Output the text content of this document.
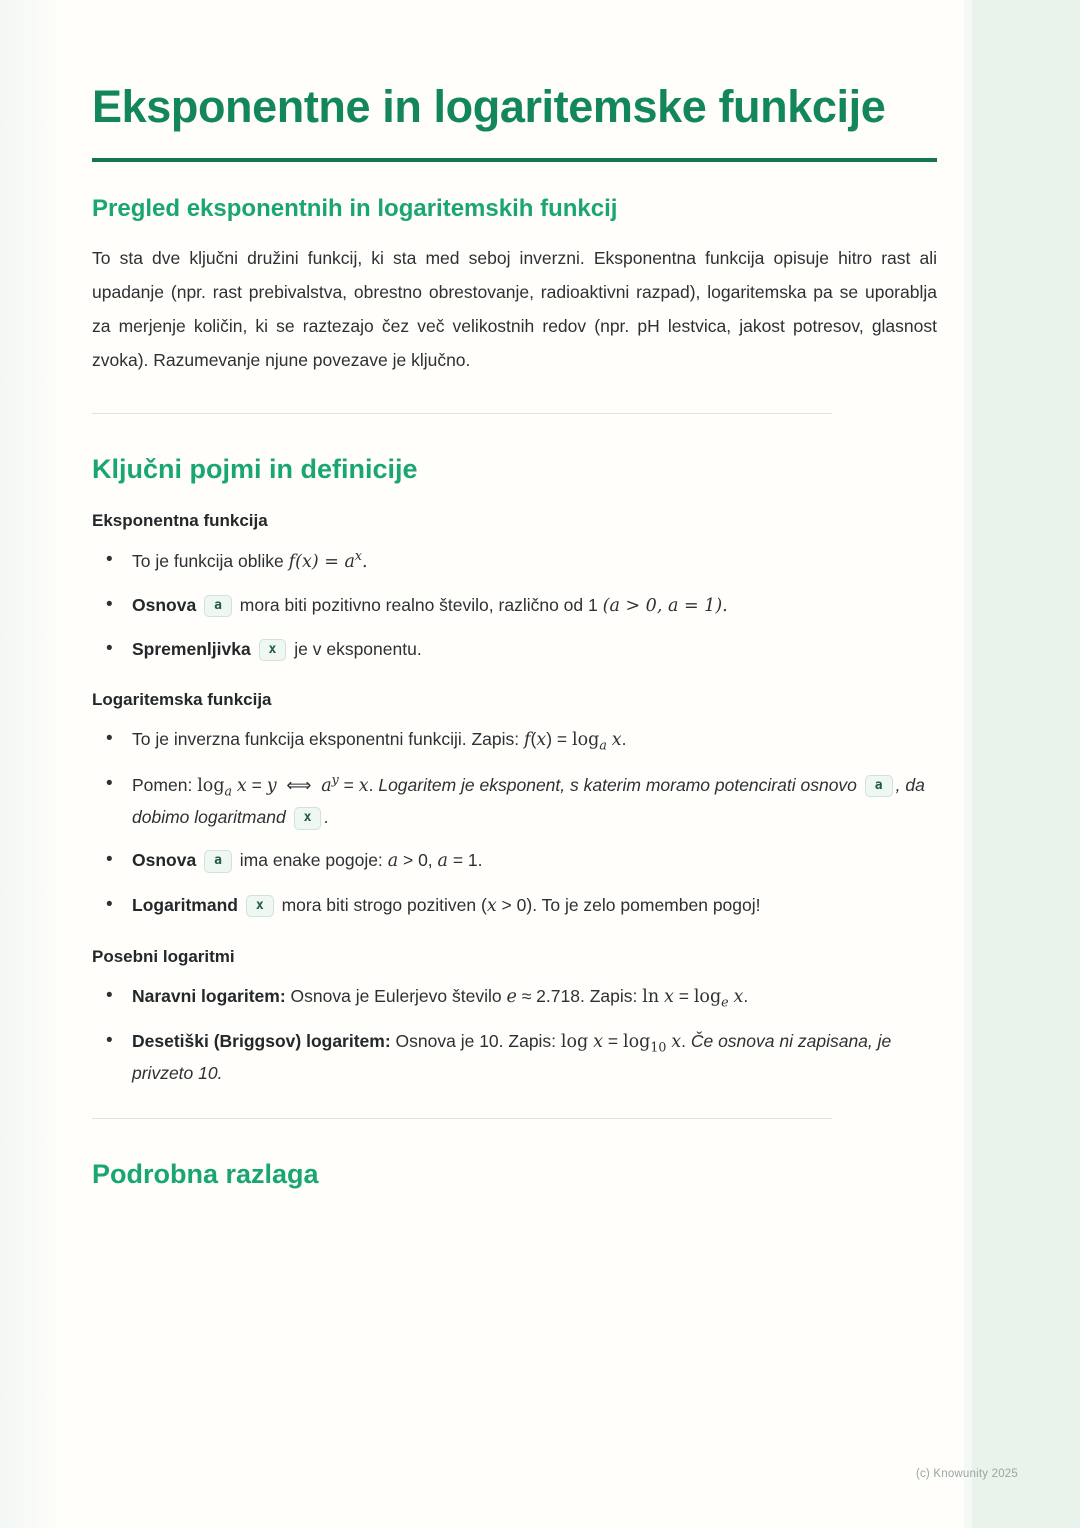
Eksponentne in logaritemske funkcije
Pregled eksponentnih in logaritemskih funkcij

To sta dve ključni družini funkcij, ki sta med seboj inverzni. Eksponentna funkcija opisuje hitro rast ali upadanje (npr. rast prebivalstva, obrestno obrestovanje, radioaktivni razpad), logaritemska pa se uporablja za merjenje količin, ki se raztezajo čez več velikostnih redov (npr. pH lestvica, jakost potresov, glasnost zvoka). Razumevanje njune povezave je ključno.

Ključni pojmi in definicije
Eksponentna funkcija
• To je funkcija oblike $f(x) = a^x$.
• Osnova a mora biti pozitivno realno število, različno od 1 (a > 0, a = 1).
• Spremenljivka x je v eksponentu.
Logaritemska funkcija
• To je inverzna funkcija eksponentni funkciji. Zapis: $f(x) = \log_a x$.
• Pomen: $\log_a x = y$  ⟺  $a^y = x$. Logaritem je eksponent, s katerim moramo potencirati osnovo a , da dobimo logaritmand x .
• Osnova a ima enake pogoje: a > 0, a = 1.
• Logaritmand x mora biti strogo pozitiven (x > 0). To je zelo pomemben pogoj!
Posebni logaritmi
• Naravni logaritem: Osnova je Eulerjevo število e ≈ 2.718. Zapis: $\ln x = \log_e x$.
• Desetiški (Briggsov) logaritem: Osnova je 10. Zapis: $\log x = \log_{10} x$. Če osnova ni zapisana, je privzeto 10.
Podrobna razlaga
(c) Knowunity 2025
